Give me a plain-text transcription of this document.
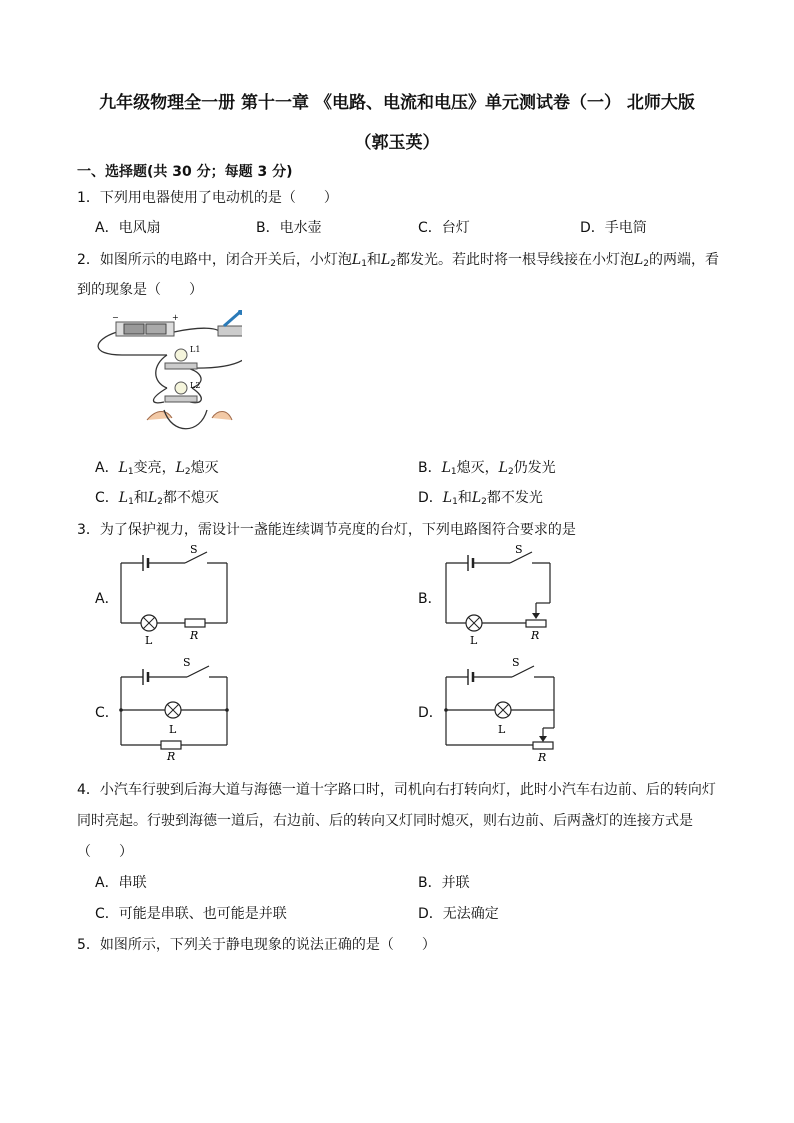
九年级物理全一册 第十一章 《电路、电流和电压》单元测试卷（一） 北师大版
（郭玉英）
一、选择题(共 30 分；每题 3 分)
1．下列用电器使用了电动机的是（　　）
A．电风扇	B．电水壶	C．台灯	D．手电筒
2．如图所示的电路中，闭合开关后，小灯泡$L_1$和$L_2$都发光。若此时将一根导线接在小灯泡$L_2$的两端，看
到的现象是（　　）
−	+
L1
L2
A．$L_1$变亮，$L_2$熄灭	B．$L_1$熄灭，$L_2$仍发光
C．$L_1$和$L_2$都不熄灭	D．$L_1$和$L_2$都不发光
3．为了保护视力，需设计一盏能连续调节亮度的台灯，下列电路图符合要求的是
A．
S
L	R
B．
S
L	R
C．
S
L
R
D．
S
L
R
4．小汽车行驶到后海大道与海德一道十字路口时，司机向右打转向灯，此时小汽车右边前、后的转向灯
同时亮起。行驶到海德一道后，右边前、后的转向又灯同时熄灭，则右边前、后两盏灯的连接方式是
（　　）
A．串联	B．并联
C．可能是串联、也可能是并联	D．无法确定
5．如图所示，下列关于静电现象的说法正确的是（　　）
